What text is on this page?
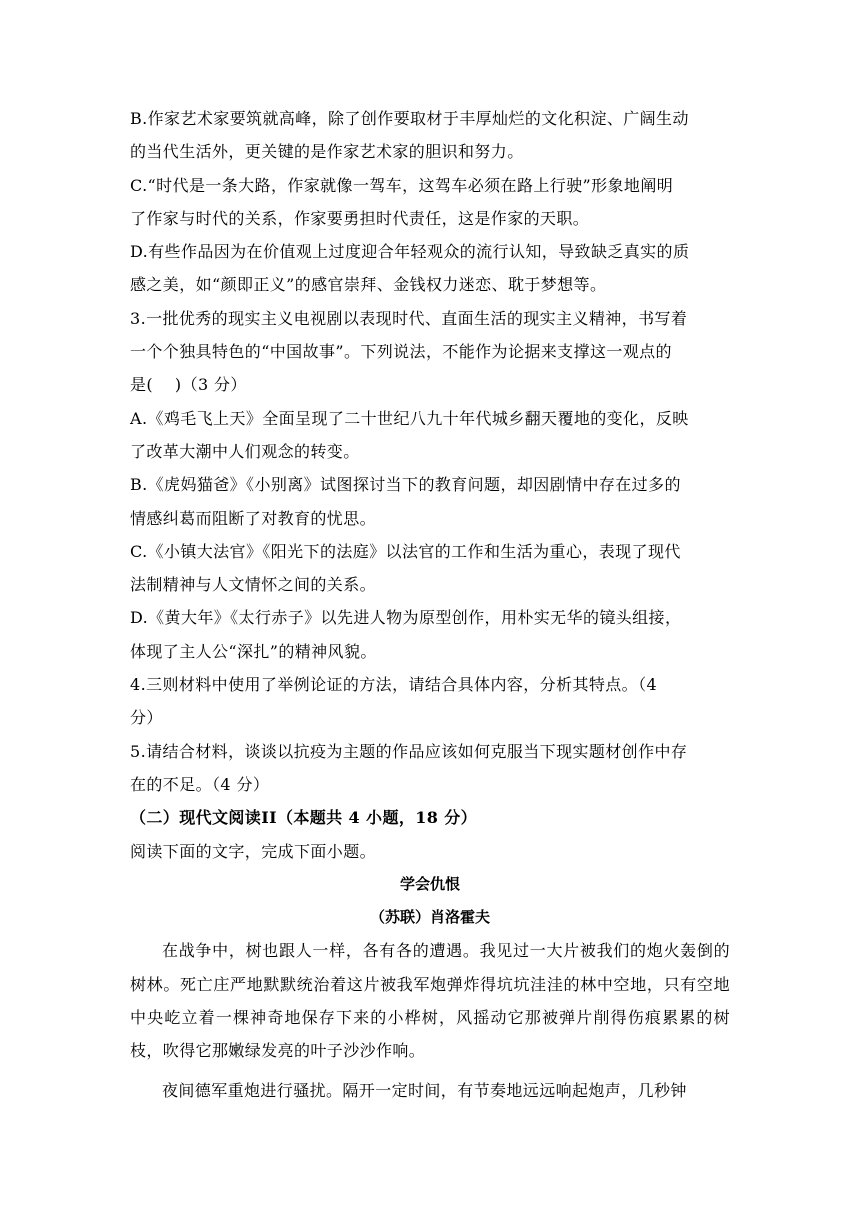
B.作家艺术家要筑就高峰，除了创作要取材于丰厚灿烂的文化积淀、广阔生动

的当代生活外，更关键的是作家艺术家的胆识和努力。

C.“时代是一条大路，作家就像一驾车，这驾车必须在路上行驶”形象地阐明

了作家与时代的关系，作家要勇担时代责任，这是作家的天职。

D.有些作品因为在价值观上过度迎合年轻观众的流行认知，导致缺乏真实的质

感之美，如“颜即正义”的感官崇拜、金钱权力迷恋、耽于梦想等。

3.一批优秀的现实主义电视剧以表现时代、直面生活的现实主义精神，书写着

一个个独具特色的“中国故事”。下列说法，不能作为论据来支撑这一观点的

是(　 )（3 分）

A.《鸡毛飞上天》全面呈现了二十世纪八九十年代城乡翻天覆地的变化，反映

了改革大潮中人们观念的转变。

B.《虎妈猫爸》《小别离》试图探讨当下的教育问题，却因剧情中存在过多的

情感纠葛而阻断了对教育的忧思。

C.《小镇大法官》《阳光下的法庭》以法官的工作和生活为重心，表现了现代

法制精神与人文情怀之间的关系。

D.《黄大年》《太行赤子》以先进人物为原型创作，用朴实无华的镜头组接，

体现了主人公“深扎”的精神风貌。

4.三则材料中使用了举例论证的方法，请结合具体内容，分析其特点。（4

分）

5.请结合材料，谈谈以抗疫为主题的作品应该如何克服当下现实题材创作中存

在的不足。（4 分）

（二）现代文阅读II（本题共 4 小题，18 分）

阅读下面的文字，完成下面小题。

学会仇恨

（苏联）肖洛霍夫

在战争中，树也跟人一样，各有各的遭遇。我见过一大片被我们的炮火轰倒的树林。死亡庄严地默默统治着这片被我军炮弹炸得坑坑洼洼的林中空地，只有空地中央屹立着一棵神奇地保存下来的小桦树，风摇动它那被弹片削得伤痕累累的树枝，吹得它那嫩绿发亮的叶子沙沙作响。

夜间德军重炮进行骚扰。隔开一定时间，有节奏地远远响起炮声，几秒钟
